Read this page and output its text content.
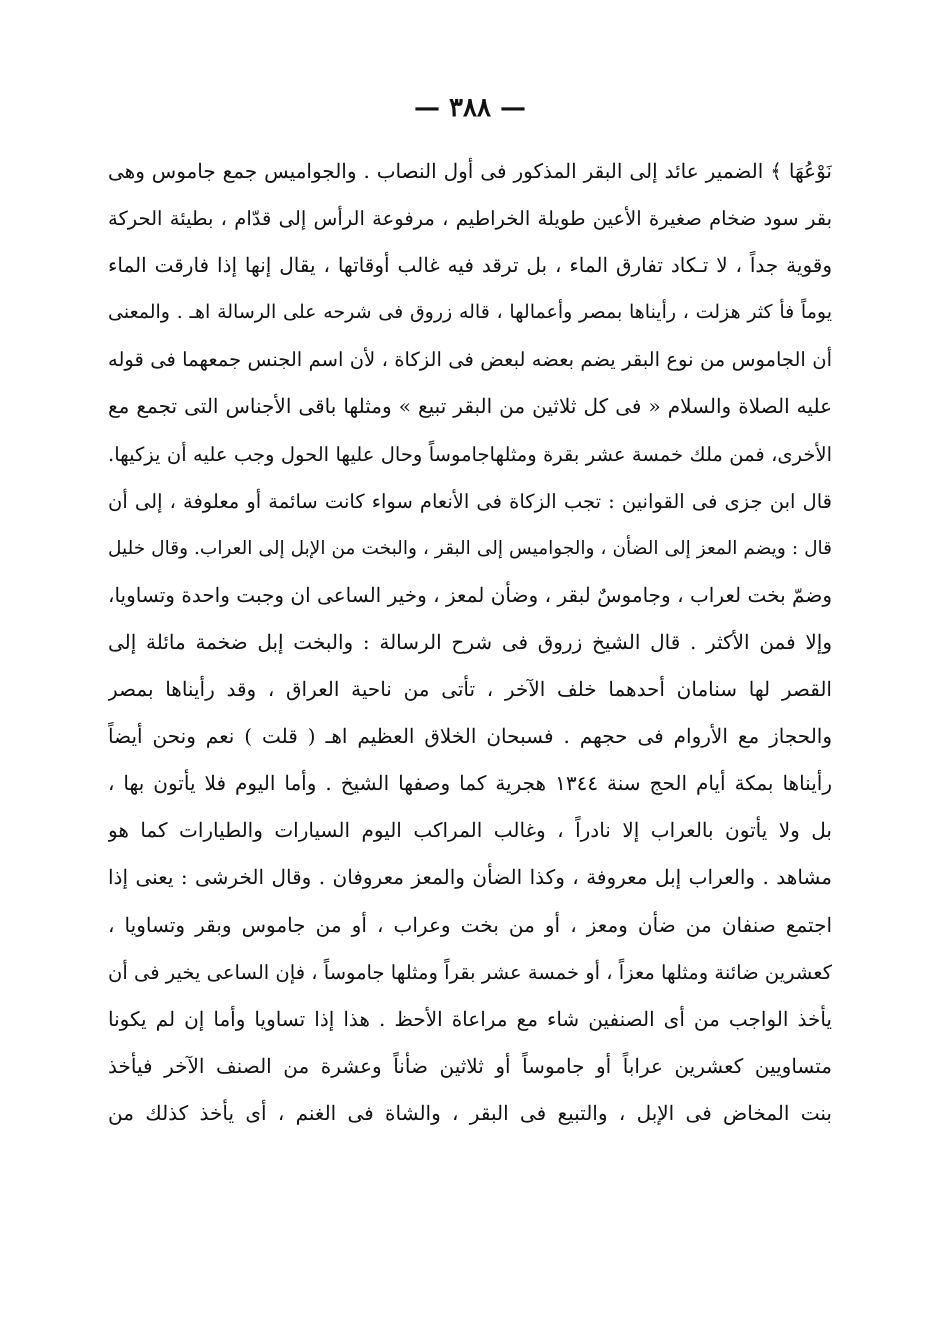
— ٣٨٨ —
نَوْعُهَا ﴾ الضمير عائد إلى البقر المذكور فى أول النصاب . والجواميس جمع جاموس وهى
بقر سود ضخام صغيرة الأعين طويلة الخراطيم ، مرفوعة الرأس إلى قدّام ، بطيئة الحركة
وقوية جداً ، لا تـكاد تفارق الماء ، بل ترقد فيه غالب أوقاتها ، يقال إنها إذا فارقت الماء
يوماً فأ كثر هزلت ، رأيناها بمصر وأعمالها ، قاله زروق فى شرحه على الرسالة اهـ . والمعنى
أن الجاموس من نوع البقر يضم بعضه لبعض فى الزكاة ، لأن اسم الجنس جمعهما فى قوله
عليه الصلاة والسلام « فى كل ثلاثين من البقر تبيع » ومثلها باقى الأجناس التى تجمع مع
الأخرى، فمن ملك خمسة عشر بقرة ومثلهاجاموساً وحال عليها الحول وجب عليه أن يزكيها.
قال ابن جزى فى القوانين : تجب الزكاة فى الأنعام سواء كانت سائمة أو معلوفة ، إلى أن
قال : ويضم المعز إلى الضأن ، والجواميس إلى البقر ، والبخت من الإبل إلى العراب. وقال خليل
وضمّ بخت لعراب ، وجاموسٌ لبقر ، وضأن لمعز ، وخير الساعى ان وجبت واحدة وتساويا،
وإلا فمن الأكثر . قال الشيخ زروق فى شرح الرسالة : والبخت إبل ضخمة مائلة إلى
القصر لها سنامان أحدهما خلف الآخر ، تأتى من ناحية العراق ، وقد رأيناها بمصر
والحجاز مع الأروام فى حجهم . فسبحان الخلاق العظيم اهـ ( قلت ) نعم ونحن أيضاً
رأيناها بمكة أيام الحج سنة ١٣٤٤ هجرية كما وصفها الشيخ . وأما اليوم فلا يأتون بها ،
بل ولا يأتون بالعراب إلا نادراً ، وغالب المراكب اليوم السيارات والطيارات كما هو
مشاهد . والعراب إبل معروفة ، وكذا الضأن والمعز معروفان . وقال الخرشى : يعنى إذا
اجتمع صنفان من ضأن ومعز ، أو من بخت وعراب ، أو من جاموس وبقر وتساويا ،
كعشرين ضائنة ومثلها معزاً ، أو خمسة عشر بقراً ومثلها جاموساً ، فإن الساعى يخير فى أن
يأخذ الواجب من أى الصنفين شاء مع مراعاة الأحظ . هذا إذا تساويا وأما إن لم يكونا
متساويين كعشرين عراباً أو جاموساً أو ثلاثين ضأناً وعشرة من الصنف الآخر فيأخذ
بنت المخاض فى الإبل ، والتبيع فى البقر ، والشاة فى الغنم ، أى يأخذ كذلك من
